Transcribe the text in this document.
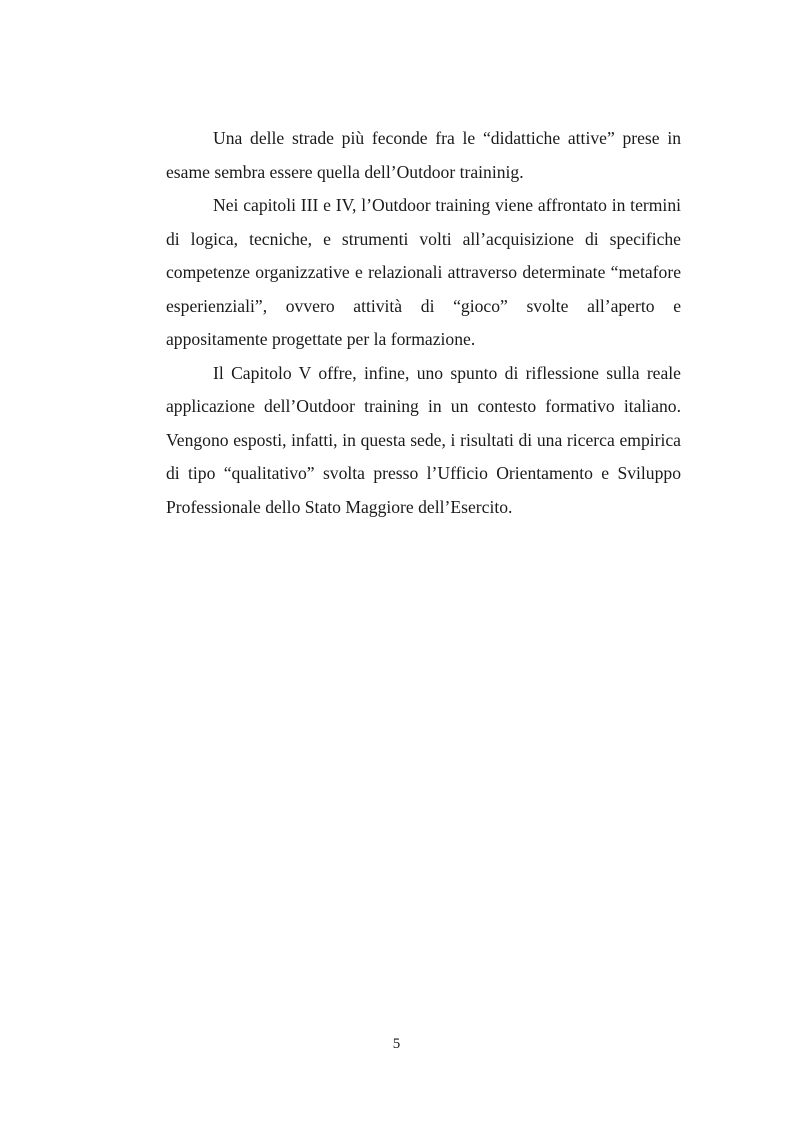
Una delle strade più feconde fra le “didattiche attive” prese in esame sembra essere quella dell’Outdoor traininig.

Nei capitoli III e IV, l’Outdoor training viene affrontato in termini di logica, tecniche, e strumenti volti all’acquisizione di specifiche competenze organizzative e relazionali attraverso determinate “metafore esperienziali”, ovvero attività di “gioco” svolte all’aperto e appositamente progettate per la formazione.

Il Capitolo V offre, infine, uno spunto di riflessione sulla reale applicazione dell’Outdoor training in un contesto formativo italiano. Vengono esposti, infatti, in questa sede, i risultati di una ricerca empirica di tipo “qualitativo” svolta presso l’Ufficio Orientamento e Sviluppo Professionale dello Stato Maggiore dell’Esercito.

5
